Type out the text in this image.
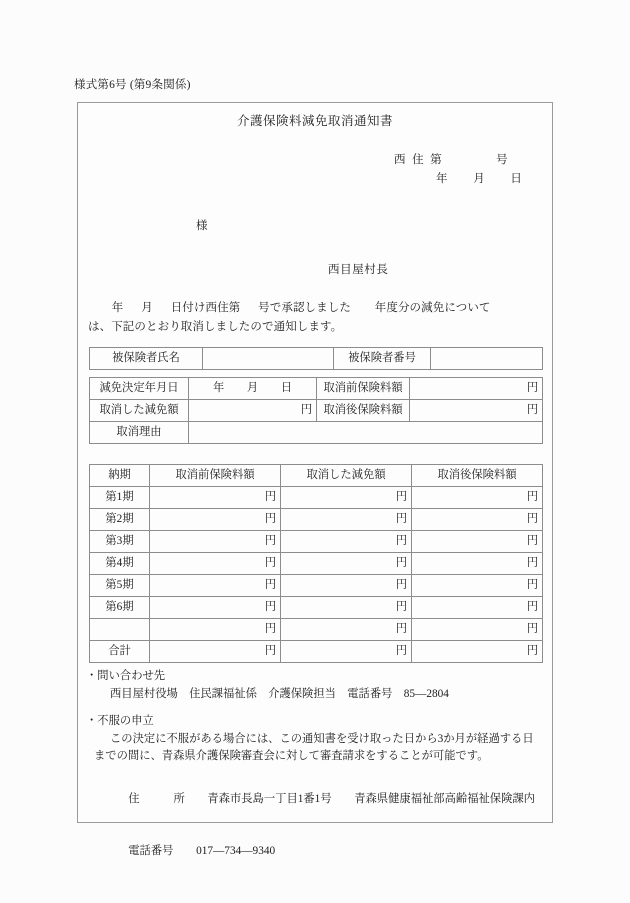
様式第6号 (第9条関係)
介護保険料減免取消通知書
西  住  第                 号
年        月        日
様
西目屋村長
年      月      日付け西住第      号で承認しました        年度分の減免について
は、下記のとおり取消しましたので通知します。
被保険者氏名		被保険者番号	
減免決定年月日	年        月        日	取消前保険料額	円
取消した減免額	円	取消後保険料額	円
取消理由			
納期	取消前保険料額	取消した減免額	取消後保険料額
第1期	円	円	円
第2期	円	円	円
第3期	円	円	円
第4期	円	円	円
第5期	円	円	円
第6期	円	円	円
	円	円	円
合計	円	円	円
・問い合わせ先
西目屋村役場　住民課福祉係　介護保険担当　電話番号　85—2804
・不服の申立
この決定に不服がある場合には、この通知書を受け取った日から3か月が経過する日
までの間に、青森県介護保険審査会に対して審査請求をすることが可能です。

住　　　所　　 青森市長島一丁目1番1号　　青森県健康福祉部高齢福祉保険課内

電話番号　　 017—734—9340
